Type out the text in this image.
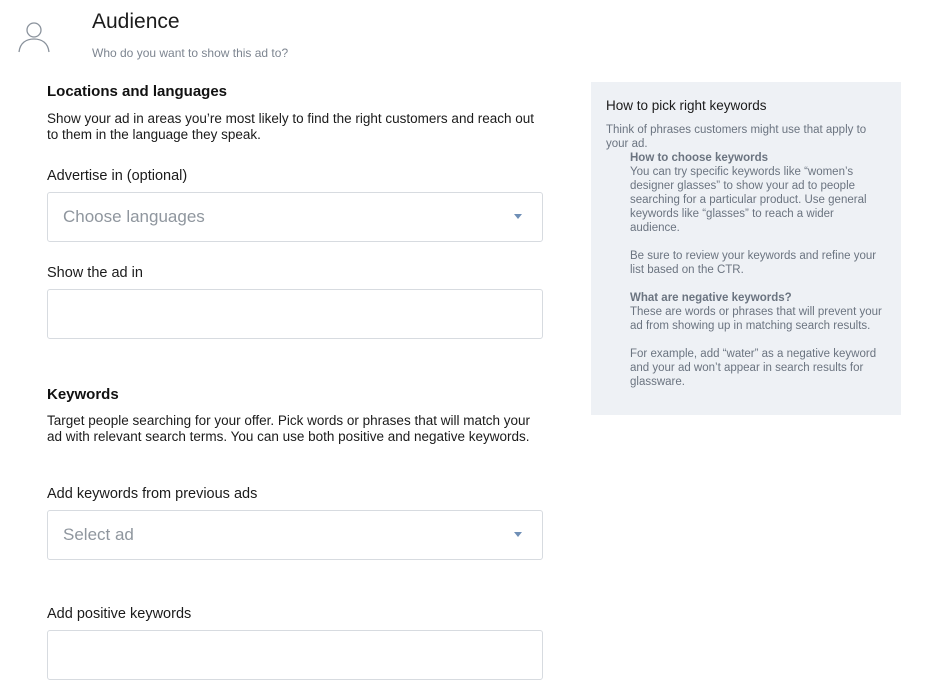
Audience
Who do you want to show this ad to?
Locations and languages
Show your ad in areas you’re most likely to find the right customers and reach out to them in the language they speak.
Advertise in (optional)
Choose languages
Show the ad in
Keywords
Target people searching for your offer. Pick words or phrases that will match your ad with relevant search terms. You can use both positive and negative keywords.
Add keywords from previous ads
Select ad
Add positive keywords
How to pick right keywords
Think of phrases customers might use that apply to your ad.

How to choose keywords
You can try specific keywords like “women’s designer glasses” to show your ad to people searching for a particular product. Use general keywords like “glasses” to reach a wider audience.

Be sure to review your keywords and refine your list based on the CTR.

What are negative keywords?
These are words or phrases that will prevent your ad from showing up in matching search results.

For example, add “water” as a negative keyword and your ad won’t appear in search results for glassware.
